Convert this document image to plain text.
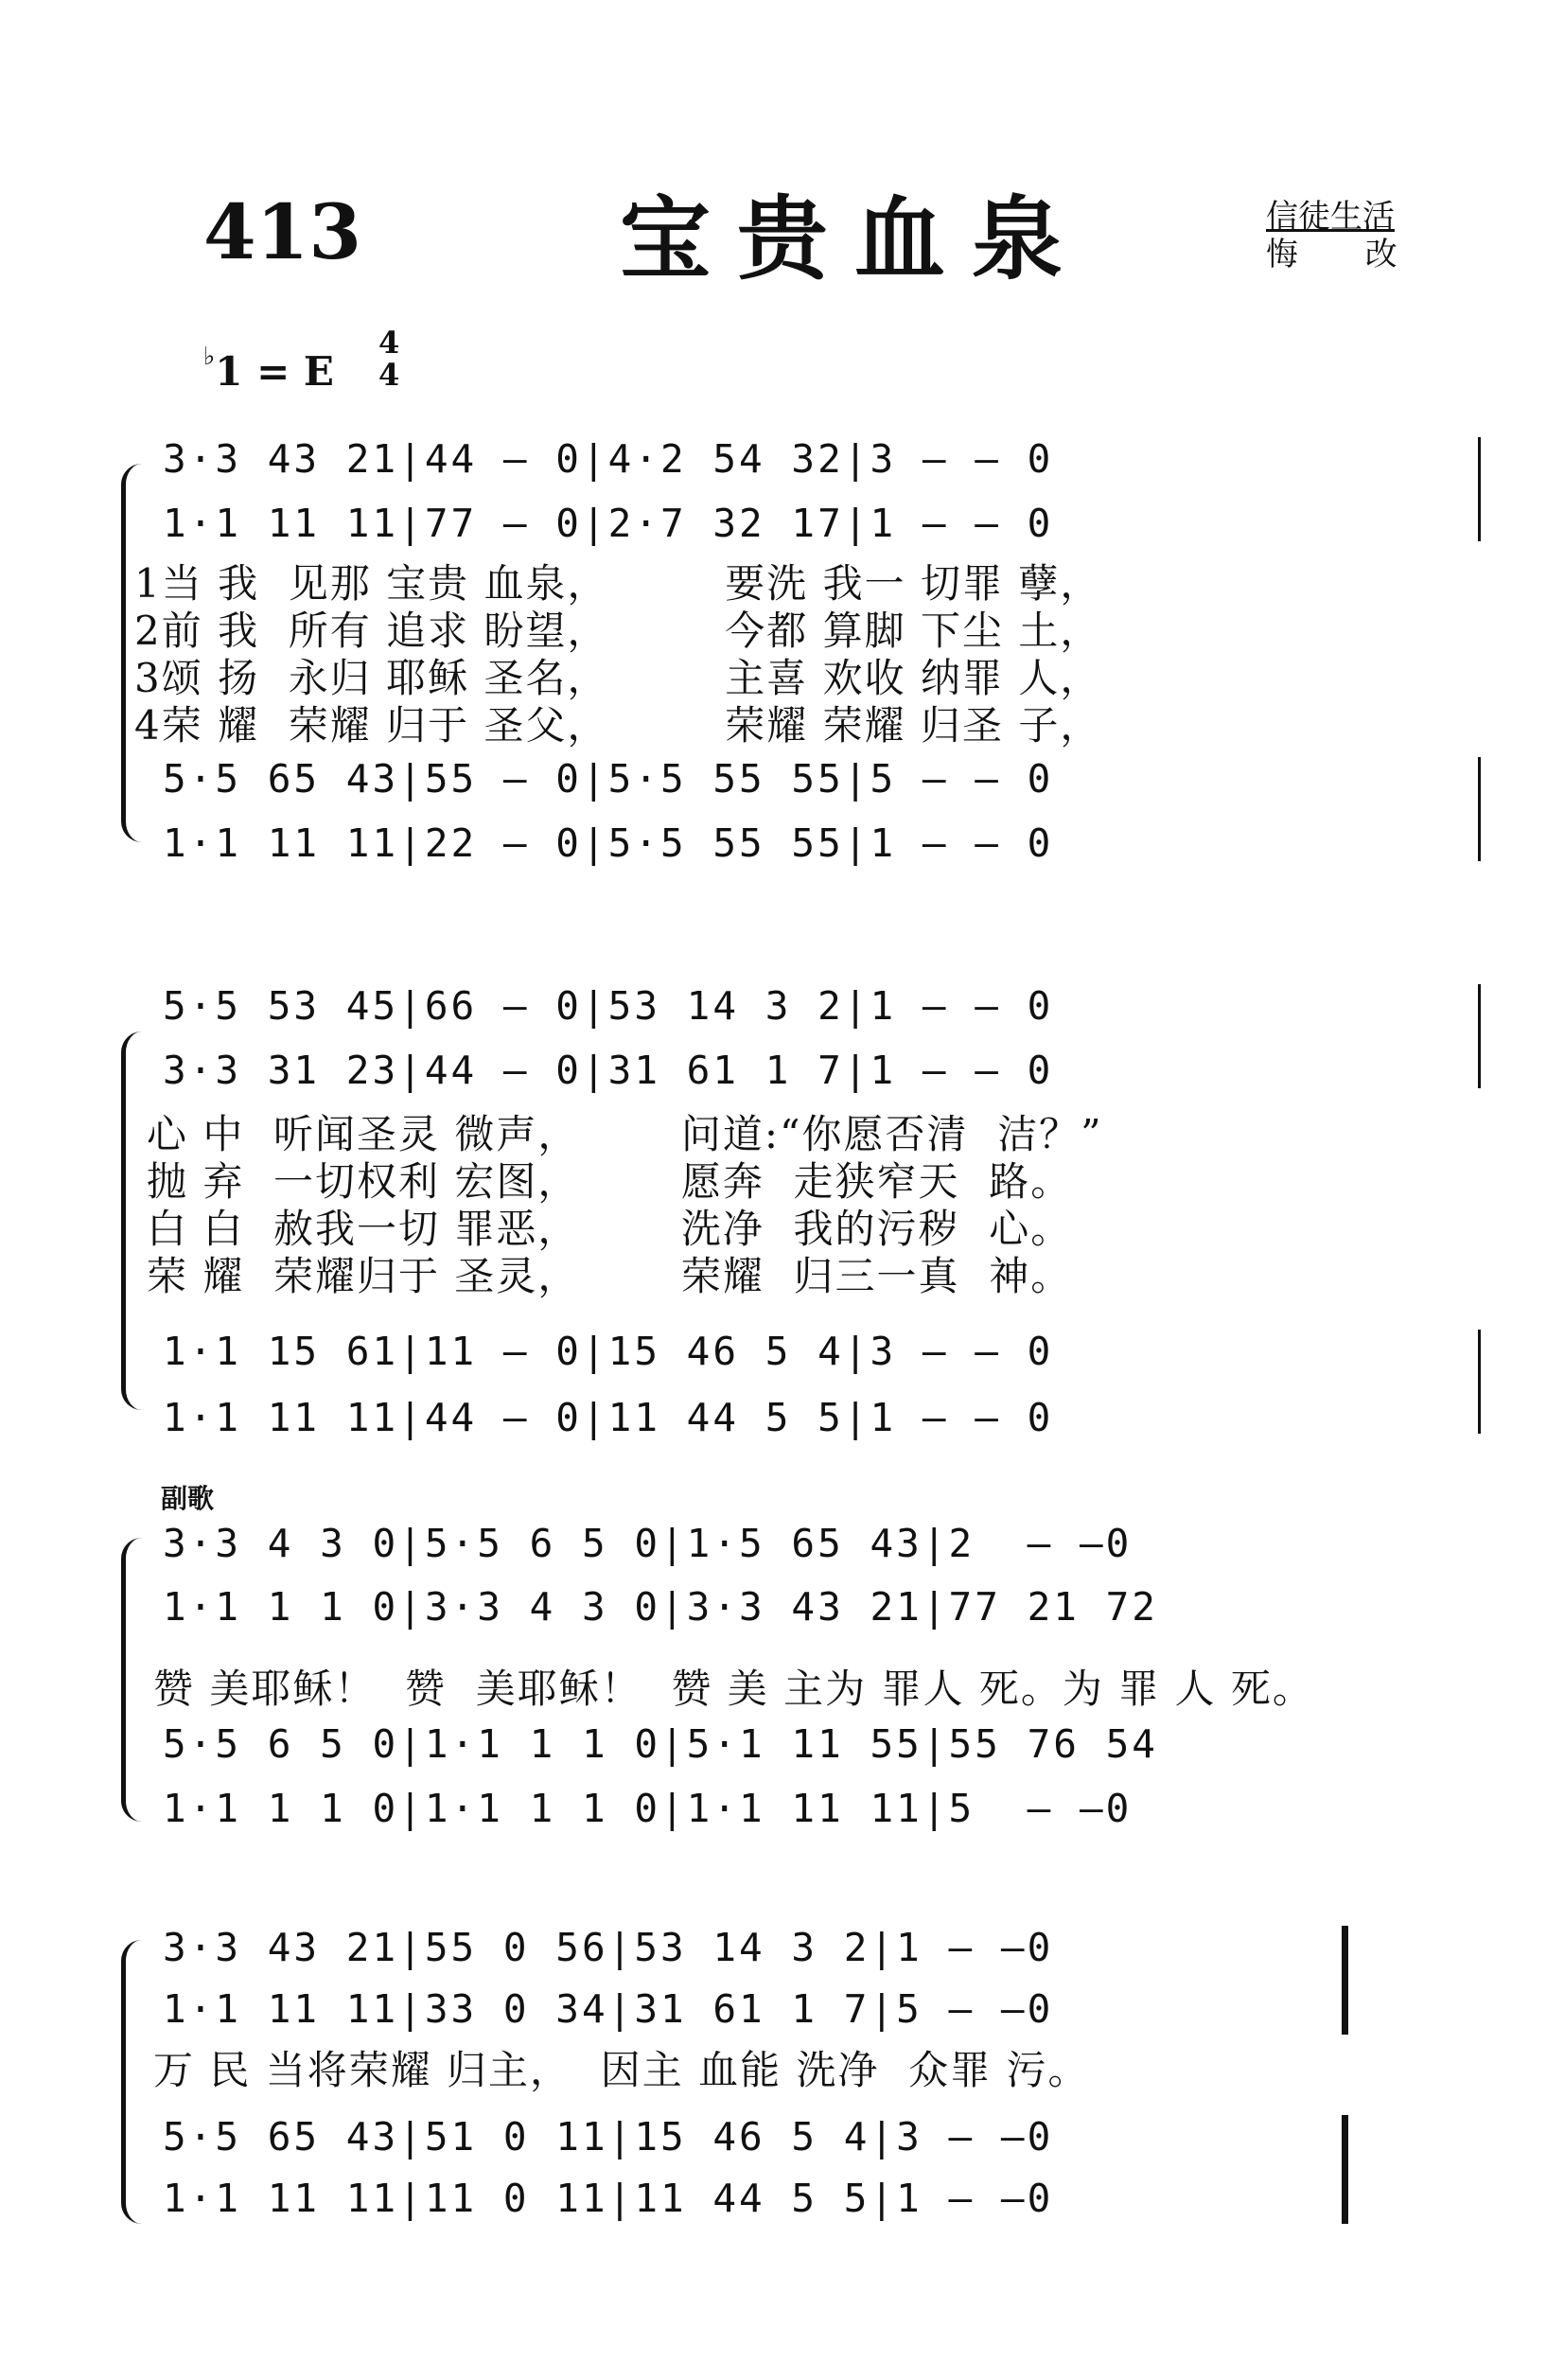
413	宝贵血泉	信徒生活
悔 改
♭1 = E
4
4
副歌
3·3 43 21|44 – 0|4·2 54 32|3 – – 0
1·1 11 11|77 – 0|2·7 32 17|1 – – 0
1当 我  见那 宝贵 血泉，        要洗 我一 切罪 孽，
2前 我  所有 追求 盼望，        今都 算脚 下尘 土，
3颂 扬  永归 耶稣 圣名，        主喜 欢收 纳罪 人，
4荣 耀  荣耀 归于 圣父，        荣耀 荣耀 归圣 子，
5·5 65 43|55 – 0|5·5 55 55|5 – – 0
1·1 11 11|22 – 0|5·5 55 55|1 – – 0
5·5 53 45|66 – 0|53 14 3 2|1 – – 0
3·3 31 23|44 – 0|31 61 1 7|1 – – 0
心 中  听闻圣灵 微声，       问道:“你愿否清  洁？”
抛 弃  一切权利 宏图，       愿奔  走狭窄天  路。
白 白  赦我一切 罪恶，       洗净  我的污秽  心。
荣 耀  荣耀归于 圣灵，       荣耀  归三一真  神。
1·1 15 61|11 – 0|15 46 5 4|3 – – 0
1·1 11 11|44 – 0|11 44 5 5|1 – – 0
3·3 4 3 0|5·5 6 5 0|1·5 65 43|2  – –0
1·1 1 1 0|3·3 4 3 0|3·3 43 21|77 21 72
赞 美耶稣！  赞  美耶稣！  赞 美 主为 罪人 死。为 罪 人 死。
5·5 6 5 0|1·1 1 1 0|5·1 11 55|55 76 54
1·1 1 1 0|1·1 1 1 0|1·1 11 11|5  – –0
3·3 43 21|55 0 56|53 14 3 2|1 – –0
1·1 11 11|33 0 34|31 61 1 7|5 – –0
万 民 当将荣耀 归主，  因主 血能 洗净  众罪 污。
5·5 65 43|51 0 11|15 46 5 4|3 – –0
1·1 11 11|11 0 11|11 44 5 5|1 – –0
